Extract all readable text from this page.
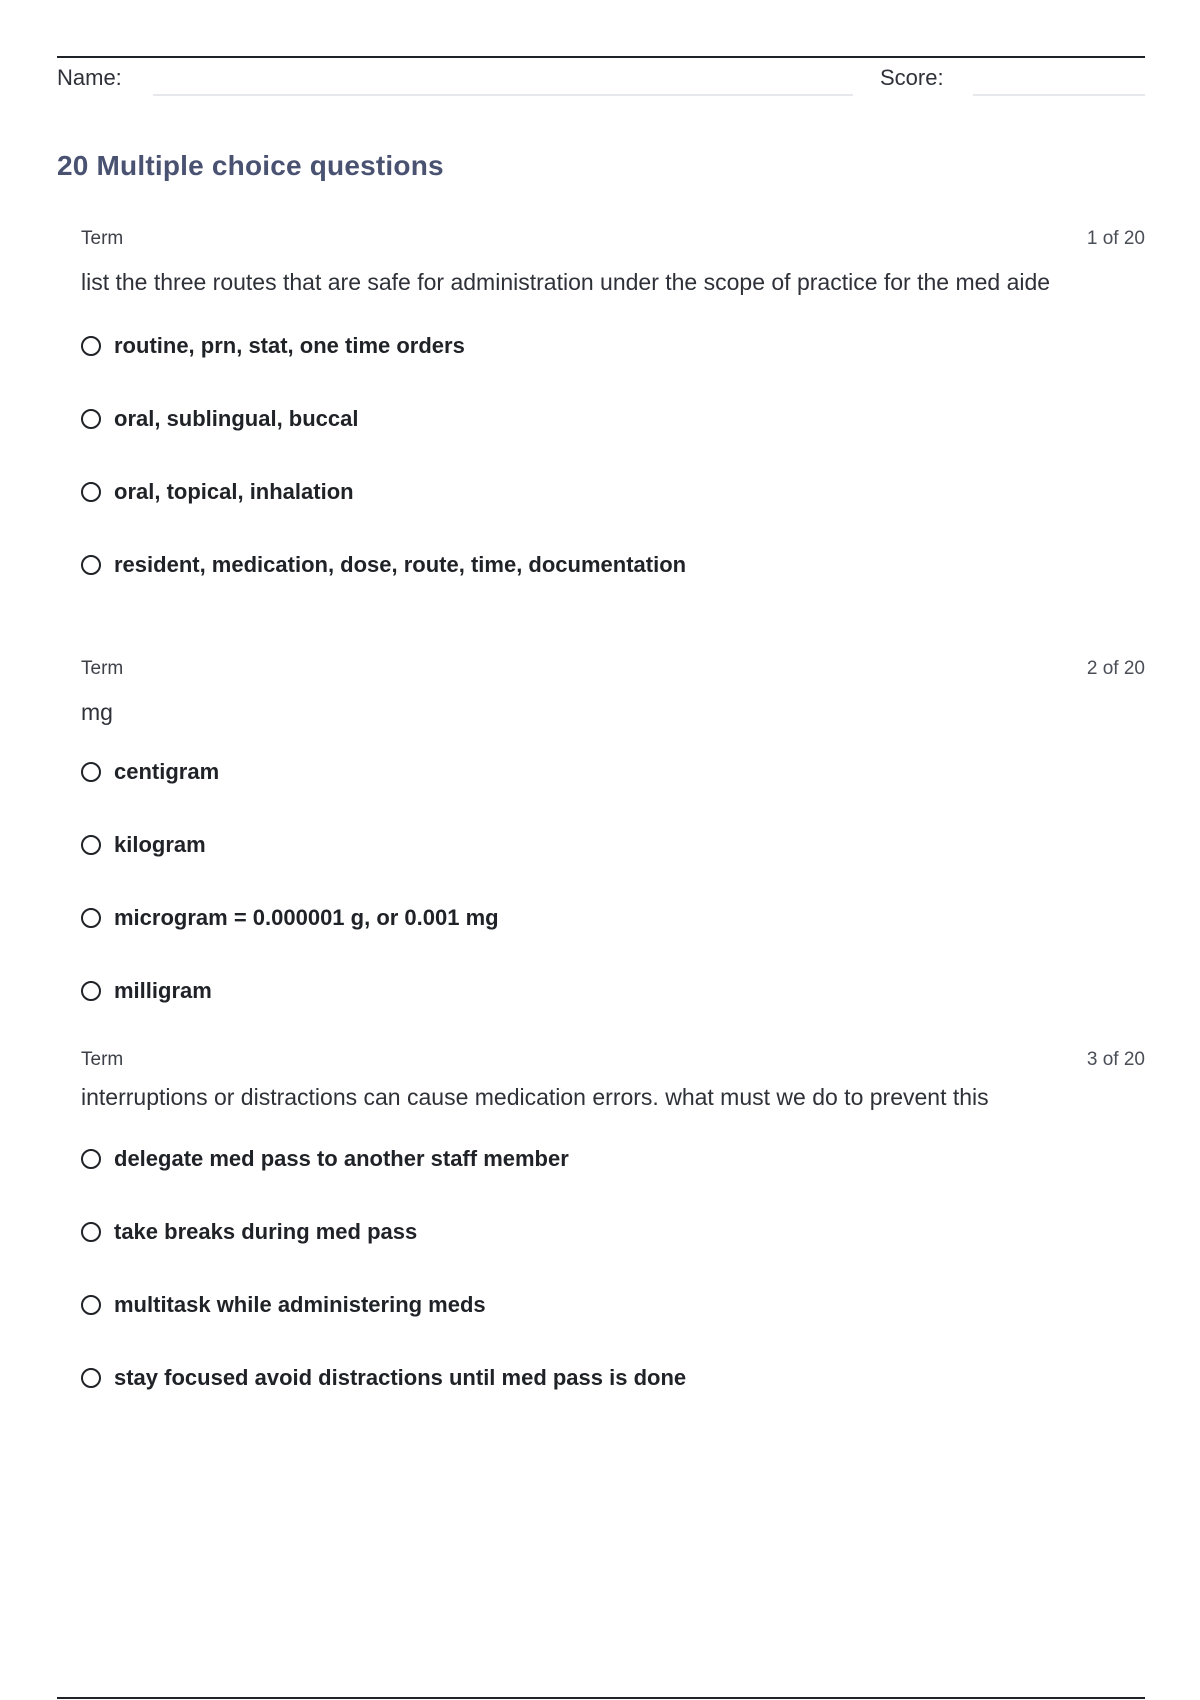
Name:	Score:
20 Multiple choice questions
Term	1 of 20
list the three routes that are safe for administration under the scope of practice for the med aide
routine, prn, stat, one time orders
oral, sublingual, buccal
oral, topical, inhalation
resident, medication, dose, route, time, documentation
Term	2 of 20
mg
centigram
kilogram
microgram = 0.000001 g, or 0.001 mg
milligram
Term	3 of 20
interruptions or distractions can cause medication errors. what must we do to prevent this
delegate med pass to another staff member
take breaks during med pass
multitask while administering meds
stay focused avoid distractions until med pass is done
